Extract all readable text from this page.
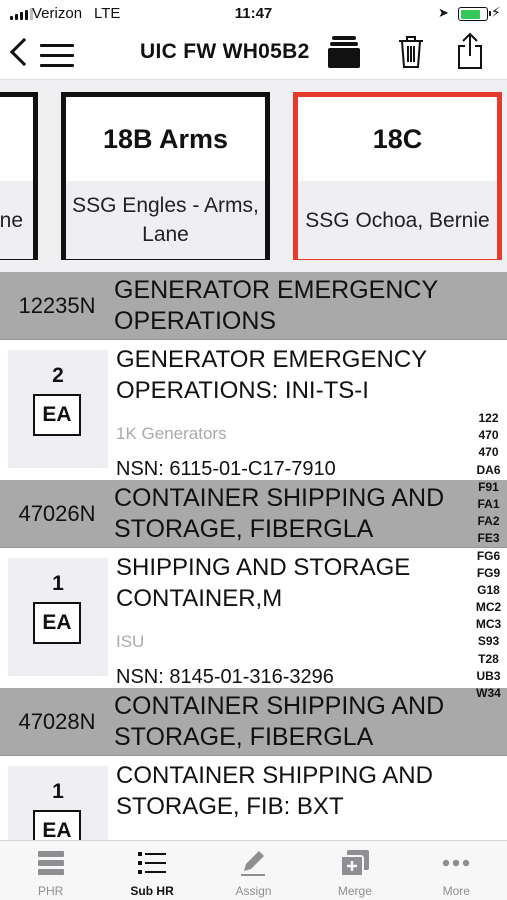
Verizon LTE	11:47	➤	⚡
UIC FW WH05B2
ne
18B Arms
SSG Engles - Arms, Lane
18C
SSG Ochoa, Bernie
12235N
GENERATOR EMERGENCY OPERATIONS
2
EA
GENERATOR EMERGENCY OPERATIONS: INI-TS-I
1K Generators
NSN: 6115-01-C17-7910
47026N
CONTAINER SHIPPING AND STORAGE, FIBERGLA
1
EA
SHIPPING AND STORAGE CONTAINER,M
ISU
NSN: 8145-01-316-3296
47028N
CONTAINER SHIPPING AND STORAGE, FIBERGLA
1
EA
CONTAINER SHIPPING AND STORAGE, FIB: BXT
122
470
470
DA6
F91
FA1
FA2
FE3
FG6
FG9
G18
MC2
MC3
S93
T28
UB3
W34
PHR	Sub HR	Assign	Merge	More
